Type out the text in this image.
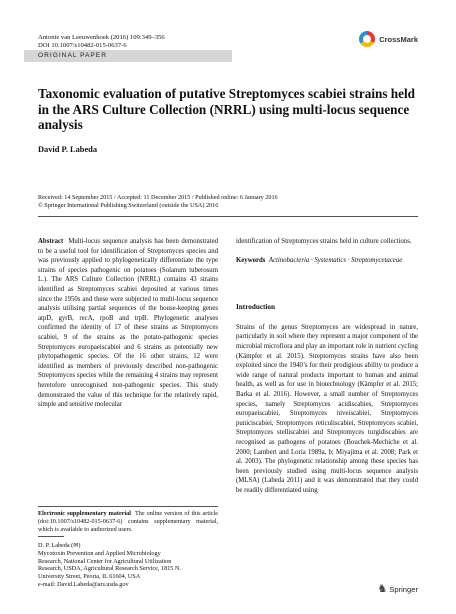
Antonie van Leeuwenhoek (2016) 109:349–356
DOI 10.1007/s10482-015-0637-6
CrossMark
ORIGINAL PAPER
Taxonomic evaluation of putative Streptomyces scabiei strains held in the ARS Culture Collection (NRRL) using multi-locus sequence analysis
David P. Labeda
Received: 14 September 2015 / Accepted: 11 December 2015 / Published online: 6 January 2016
© Springer International Publishing Switzerland (outside the USA) 2016
Abstract Multi-locus sequence analysis has been demonstrated to be a useful tool for identification of Streptomyces species and was previously applied to phylogenetically differentiate the type strains of species pathogenic on potatoes (Solanum tuberosum L.). The ARS Culture Collection (NRRL) contains 43 strains identified as Streptomyces scabiei deposited at various times since the 1950s and these were subjected to multi-locus sequence analysis utilising partial sequences of the house-keeping genes atpD, gyrB, recA, rpoB and trpB. Phylogenetic analyses confirmed the identity of 17 of these strains as Streptomyces scabiei, 9 of the strains as the potato-pathogenic species Streptomyces europaeiscabiei and 6 strains as potentially new phytopathogenic species. Of the 16 other strains, 12 were identified as members of previously described non-pathogenic Streptomyces species while the remaining 4 strains may represent heretofore unrecognised non-pathogenic species. This study demonstrated the value of this technique for the relatively rapid, simple and sensitive molecular
identification of Streptomyces strains held in culture collections.
Keywords Actinobacteria · Systematics · Streptomycetaceae
Introduction
Strains of the genus Streptomyces are widespread in nature, particularly in soil where they represent a major component of the microbial microflora and play an important role in nutrient cycling (Kämpfer et al. 2015). Streptomyces strains have also been exploited since the 1940’s for their prodigious ability to produce a wide range of natural products important to human and animal health, as well as for use in biotechnology (Kämpfer et al. 2015; Barka et al. 2016). However, a small number of Streptomyces species, namely Streptomyces acidiscabies, Streptomyces europaeiscabiei, Streptomyces niveiscabiei, Streptomyces puniciscabiei, Streptomyces reticuliscabiei, Streptomyces scabiei, Streptomyces stelliscabiei and Streptomyces turgidiscabies are recognised as pathogens of potatoes (Bouchek-Mechiche et al. 2000; Lambert and Loria 1989a, b; Miyajima et al. 2008; Park et al. 2003). The phylogenetic relationship among these species has been previously studied using multi-locus sequence analysis (MLSA) (Labeda 2011) and it was demonstrated that they could be readily differentiated using
Electronic supplementary material The online version of this article (doi:10.1007/s10482-015-0637-6) contains supplementary material, which is available to authorized users.
D. P. Labeda (✉)
Mycotoxin Prevention and Applied Microbiology
Research, National Center for Agricultural Utilization
Research, USDA, Agricultural Research Service, 1815 N.
University Street, Peoria, IL 61604, USA
e-mail: David.Labeda@ars.usda.gov	♞ Springer
